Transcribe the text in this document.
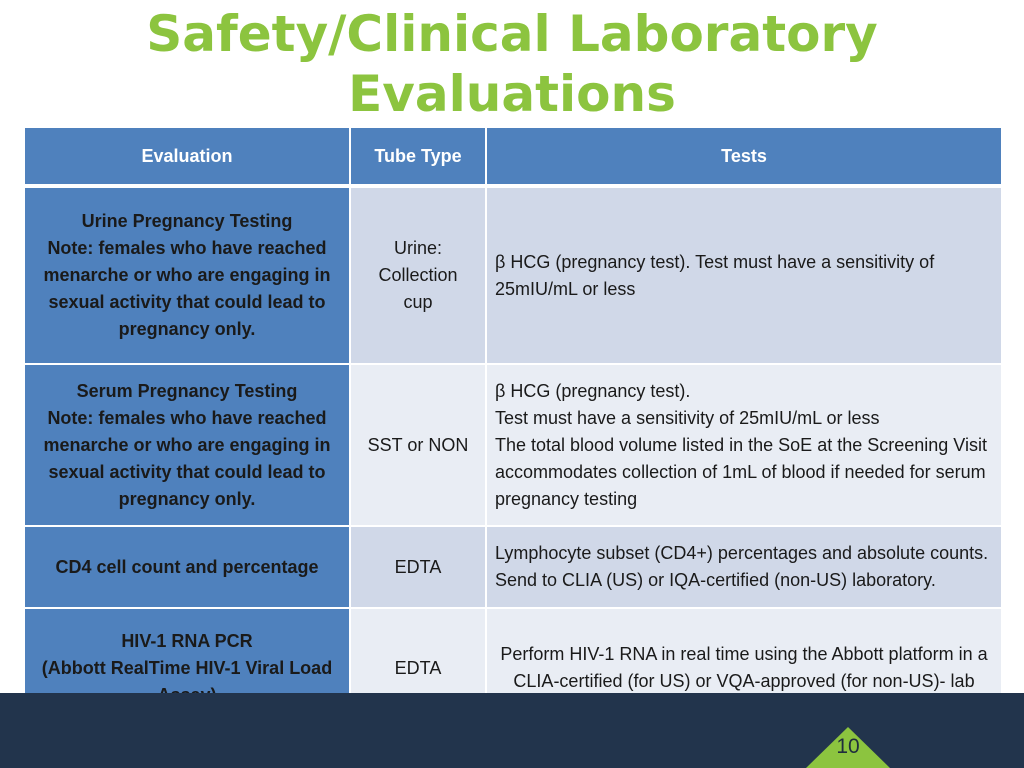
Safety/Clinical Laboratory
Evaluations
Evaluation	Tube Type	Tests

Urine Pregnancy Testing
Note: females who have reached menarche or who are engaging in sexual activity that could lead to pregnancy only.	Urine:
Collection
cup	β HCG (pregnancy test). Test must have a sensitivity of 25mIU/mL or less

Serum Pregnancy Testing
Note: females who have reached menarche or who are engaging in sexual activity that could lead to pregnancy only.	SST or NON	β HCG (pregnancy test).
Test must have a sensitivity of 25mIU/mL or less
The total blood volume listed in the SoE at the Screening Visit accommodates collection of 1mL of blood if needed for serum pregnancy testing

CD4 cell count and percentage	EDTA	Lymphocyte subset (CD4+) percentages and absolute counts. Send to CLIA (US) or IQA-certified (non-US) laboratory.

HIV-1 RNA PCR
(Abbott RealTime HIV-1 Viral Load	EDTA	Perform HIV-1 RNA in real time using the Abbott platform in a CLIA-certified (for US) or VQA-approved (for non-US)- lab
10
